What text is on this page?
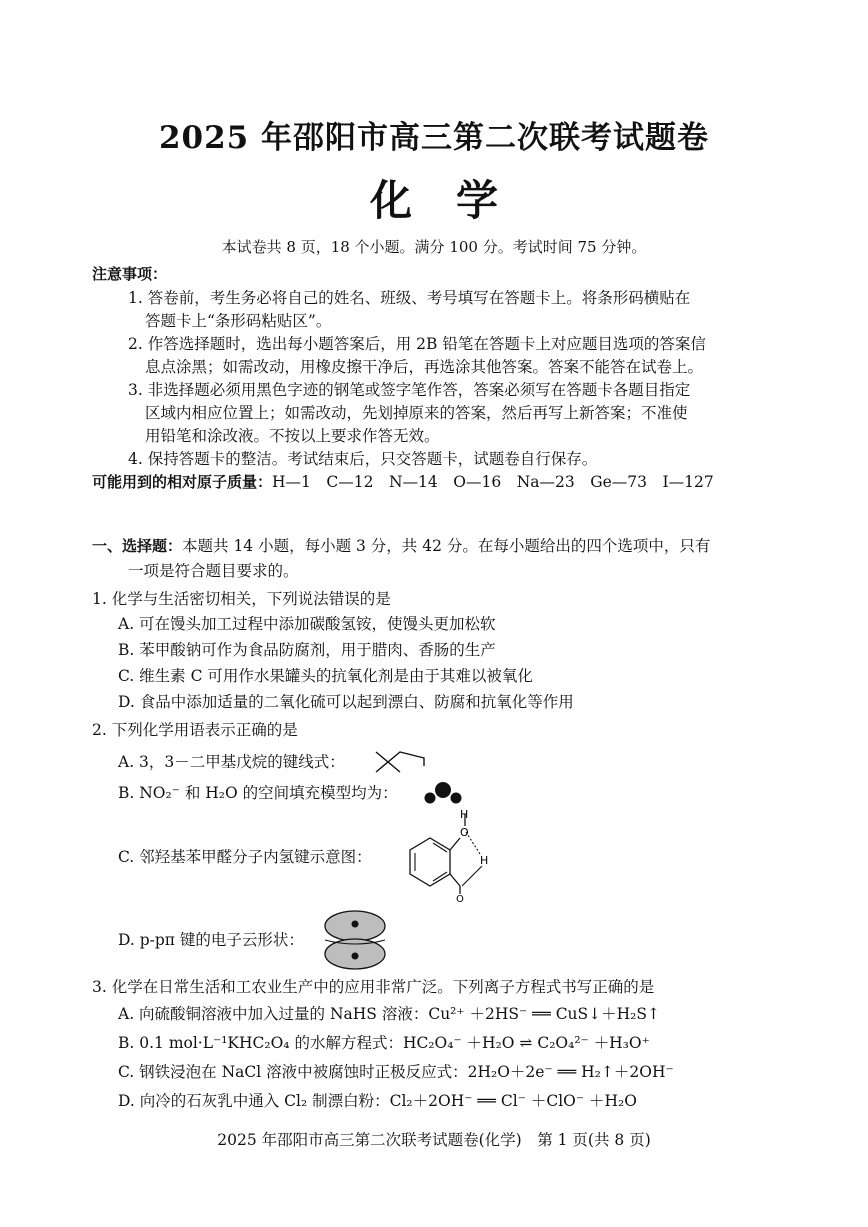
2025 年邵阳市高三第二次联考试题卷
化学
本试卷共 8 页，18 个小题。满分 100 分。考试时间 75 分钟。
注意事项：
1. 答卷前，考生务必将自己的姓名、班级、考号填写在答题卡上。将条形码横贴在
答题卡上“条形码粘贴区”。
2. 作答选择题时，选出每小题答案后，用 2B 铅笔在答题卡上对应题目选项的答案信
息点涂黑；如需改动，用橡皮擦干净后，再选涂其他答案。答案不能答在试卷上。
3. 非选择题必须用黑色字迹的钢笔或签字笔作答，答案必须写在答题卡各题目指定
区域内相应位置上；如需改动，先划掉原来的答案，然后再写上新答案；不准使
用铅笔和涂改液。不按以上要求作答无效。
4. 保持答题卡的整洁。考试结束后，只交答题卡，试题卷自行保存。
可能用到的相对原子质量：H—1　C—12　N—14　O—16　Na—23　Ge—73　I—127
一、选择题：本题共 14 小题，每小题 3 分，共 42 分。在每小题给出的四个选项中，只有
一项是符合题目要求的。
1. 化学与生活密切相关，下列说法错误的是
A. 可在馒头加工过程中添加碳酸氢铵，使馒头更加松软
B. 苯甲酸钠可作为食品防腐剂，用于腊肉、香肠的生产
C. 维生素 C 可用作水果罐头的抗氧化剂是由于其难以被氧化
D. 食品中添加适量的二氧化硫可以起到漂白、防腐和抗氧化等作用
2. 下列化学用语表示正确的是
A. 3，3－二甲基戊烷的键线式：
B. NO₂⁻ 和 H₂O 的空间填充模型均为：
C. 邻羟基苯甲醛分子内氢键示意图：
H
O
H
O
D. p-pπ 键的电子云形状：
3. 化学在日常生活和工农业生产中的应用非常广泛。下列离子方程式书写正确的是
A. 向硫酸铜溶液中加入过量的 NaHS 溶液：Cu²⁺ ＋2HS⁻ ══ CuS↓＋H₂S↑
B. 0.1 mol·L⁻¹KHC₂O₄ 的水解方程式：HC₂O₄⁻ ＋H₂O ⇌ C₂O₄²⁻ ＋H₃O⁺
C. 钢铁浸泡在 NaCl 溶液中被腐蚀时正极反应式：2H₂O＋2e⁻ ══ H₂↑＋2OH⁻
D. 向冷的石灰乳中通入 Cl₂ 制漂白粉：Cl₂＋2OH⁻ ══ Cl⁻ ＋ClO⁻ ＋H₂O
2025 年邵阳市高三第二次联考试题卷(化学)　第 1 页(共 8 页)
